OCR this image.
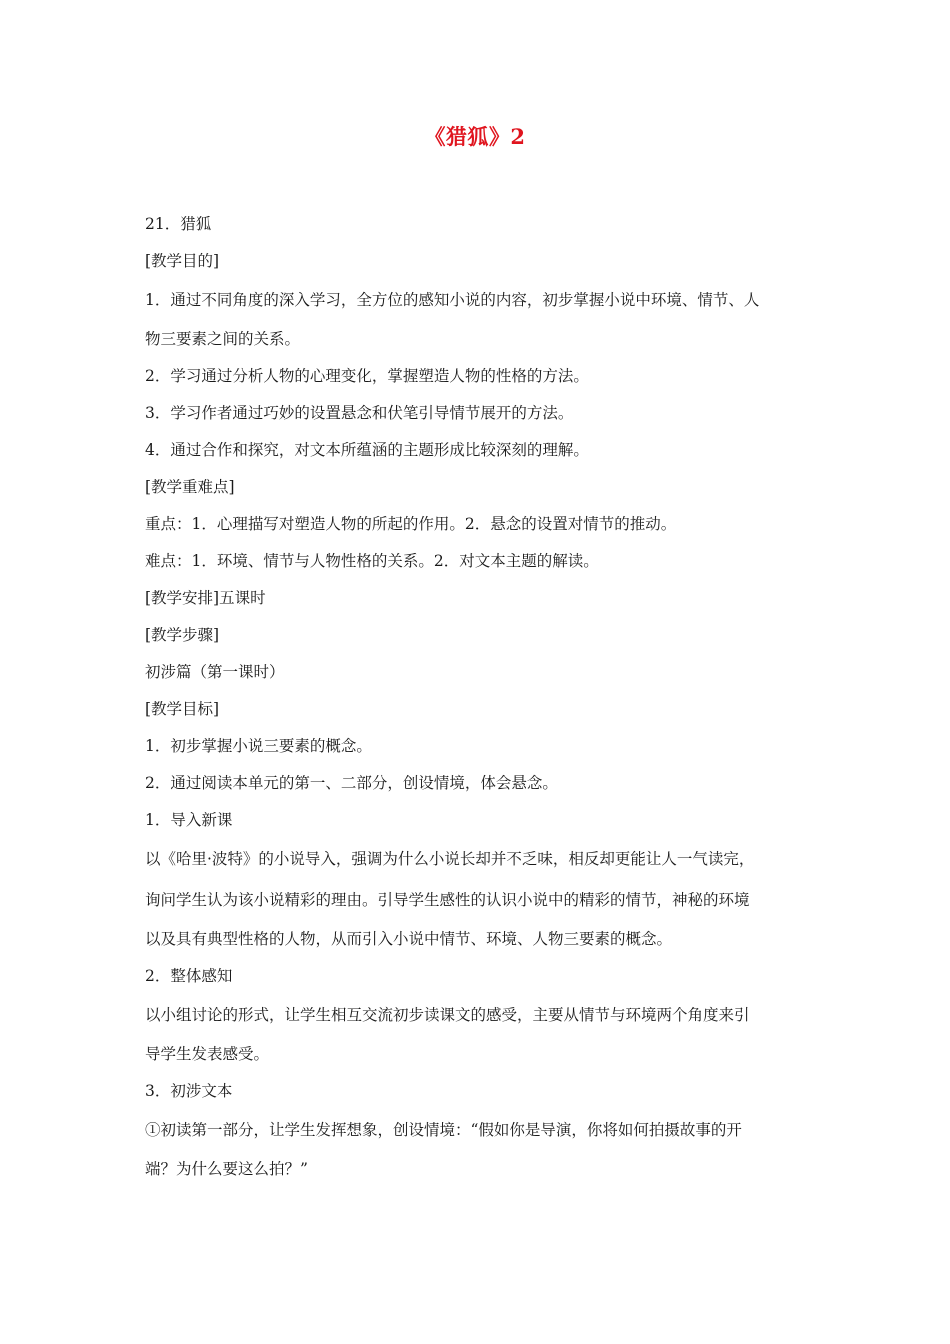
《猎狐》2
21．猎狐
[教学目的]
1．通过不同角度的深入学习，全方位的感知小说的内容，初步掌握小说中环境、情节、人
物三要素之间的关系。
2．学习通过分析人物的心理变化，掌握塑造人物的性格的方法。
3．学习作者通过巧妙的设置悬念和伏笔引导情节展开的方法。
4．通过合作和探究，对文本所蕴涵的主题形成比较深刻的理解。
[教学重难点]
重点：1．心理描写对塑造人物的所起的作用。2．悬念的设置对情节的推动。
难点：1．环境、情节与人物性格的关系。2．对文本主题的解读。
[教学安排]五课时
[教学步骤]
初涉篇（第一课时）
[教学目标]
1．初步掌握小说三要素的概念。
2．通过阅读本单元的第一、二部分，创设情境，体会悬念。
1．导入新课
以《哈里·波特》的小说导入，强调为什么小说长却并不乏味，相反却更能让人一气读完，
询问学生认为该小说精彩的理由。引导学生感性的认识小说中的精彩的情节，神秘的环境
以及具有典型性格的人物，从而引入小说中情节、环境、人物三要素的概念。
2．整体感知
以小组讨论的形式，让学生相互交流初步读课文的感受，主要从情节与环境两个角度来引
导学生发表感受。
3．初涉文本
①初读第一部分，让学生发挥想象，创设情境：“假如你是导演，你将如何拍摄故事的开
端？为什么要这么拍？”
